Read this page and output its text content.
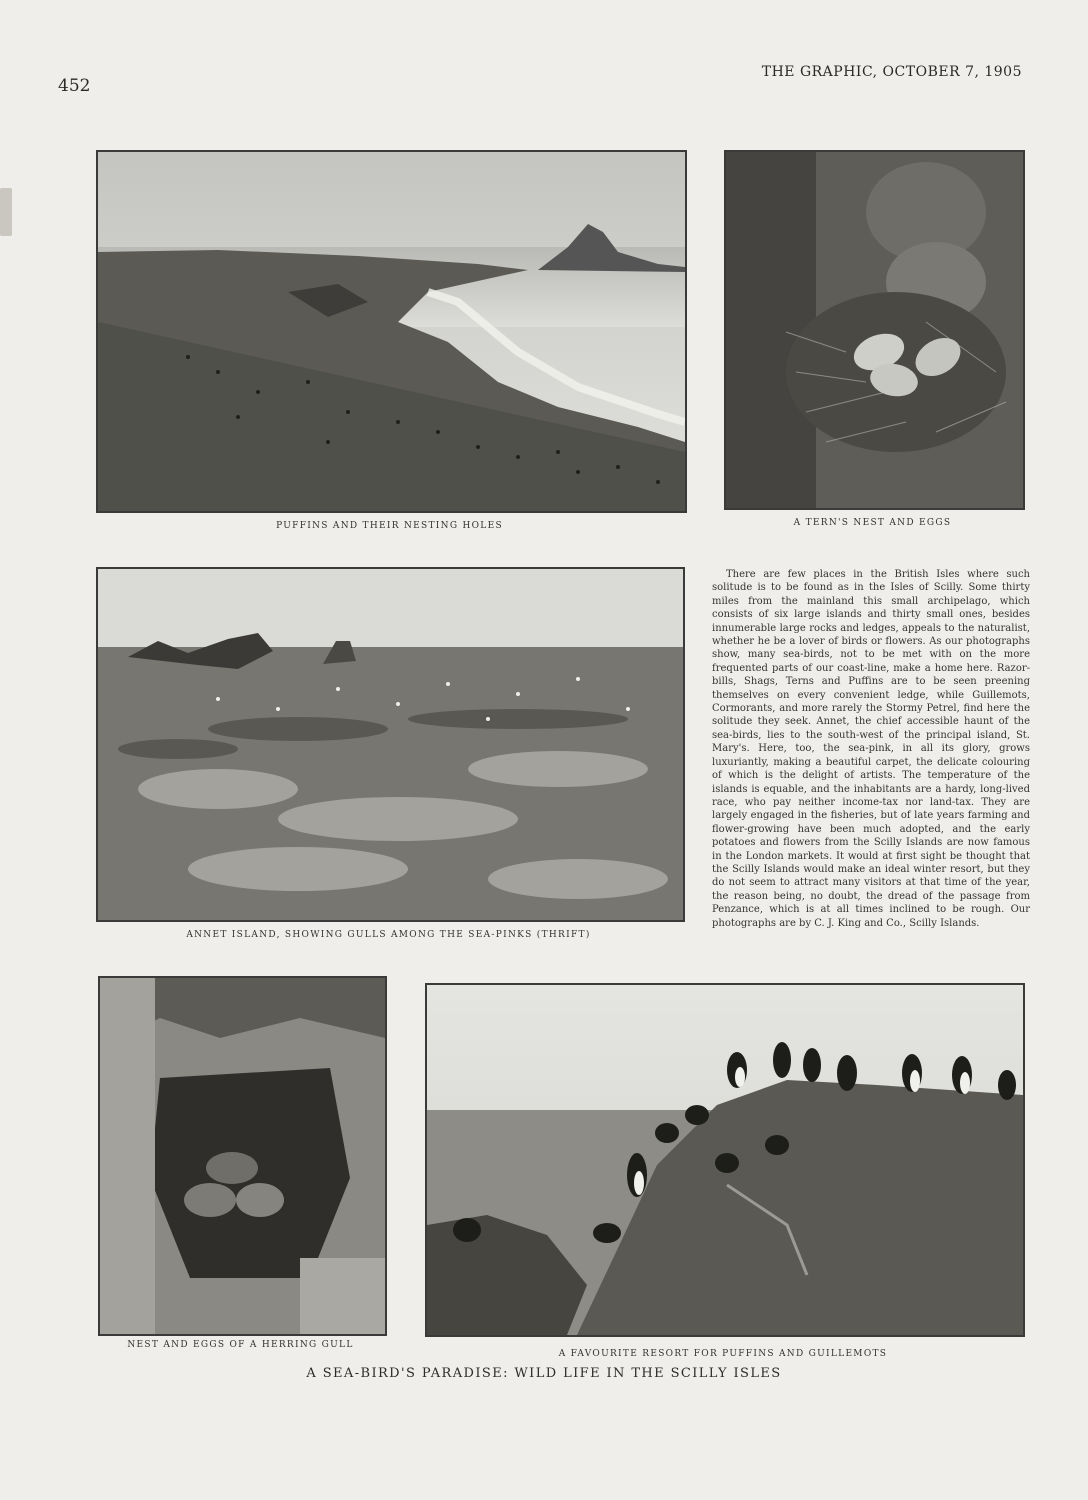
452
THE GRAPHIC, OCTOBER 7, 1905
PUFFINS AND THEIR NESTING HOLES	A TERN'S NEST AND EGGS
ANNET ISLAND, SHOWING GULLS AMONG THE SEA-PINKS (THRIFT)

There are few places in the British Isles where such solitude is to be found as in the Isles of Scilly. Some thirty miles from the mainland this small archipelago, which consists of six large islands and thirty small ones, besides innumerable large rocks and ledges, appeals to the naturalist, whether he be a lover of birds or flowers. As our photographs show, many sea-birds, not to be met with on the more frequented parts of our coast-line, make a home here. Razor-bills, Shags, Terns and Puffins are to be seen preening themselves on every convenient ledge, while Guillemots, Cormorants, and more rarely the Stormy Petrel, find here the solitude they seek. Annet, the chief accessible haunt of the sea-birds, lies to the south-west of the principal island, St. Mary's. Here, too, the sea-pink, in all its glory, grows luxuriantly, making a beautiful carpet, the delicate colouring of which is the delight of artists. The temperature of the islands is equable, and the inhabitants are a hardy, long-lived race, who pay neither income-tax nor land-tax. They are largely engaged in the fisheries, but of late years farming and flower-growing have been much adopted, and the early potatoes and flowers from the Scilly Islands are now famous in the London markets. It would at first sight be thought that the Scilly Islands would make an ideal winter resort, but they do not seem to attract many visitors at that time of the year, the reason being, no doubt, the dread of the passage from Penzance, which is at all times inclined to be rough. Our photographs are by C. J. King and Co., Scilly Islands.

NEST AND EGGS OF A HERRING GULL
A FAVOURITE RESORT FOR PUFFINS AND GUILLEMOTS
A SEA-BIRD'S PARADISE: WILD LIFE IN THE SCILLY ISLES
